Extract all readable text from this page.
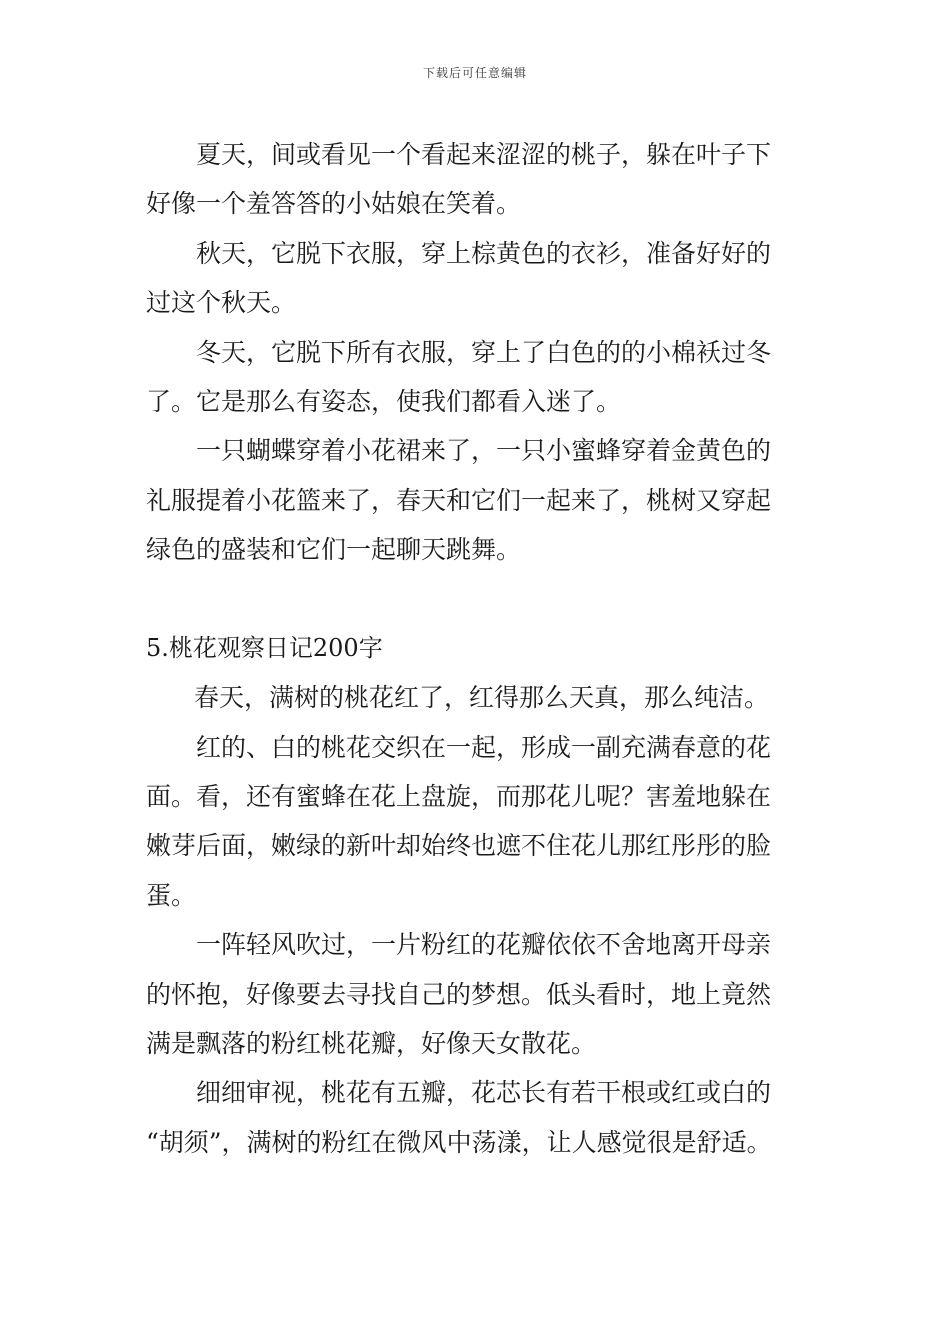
下载后可任意编辑
夏天，间或看见一个看起来涩涩的桃子，躲在叶子下
好像一个羞答答的小姑娘在笑着。
秋天，它脱下衣服，穿上棕黄色的衣衫，准备好好的
过这个秋天。
冬天，它脱下所有衣服，穿上了白色的的小棉袄过冬
了。它是那么有姿态，使我们都看入迷了。
一只蝴蝶穿着小花裙来了，一只小蜜蜂穿着金黄色的
礼服提着小花篮来了，春天和它们一起来了，桃树又穿起
绿色的盛装和它们一起聊天跳舞。
5.桃花观察日记200字
春天，满树的桃花红了，红得那么天真，那么纯洁。
红的、白的桃花交织在一起，形成一副充满春意的花
面。看，还有蜜蜂在花上盘旋，而那花儿呢？害羞地躲在
嫩芽后面，嫩绿的新叶却始终也遮不住花儿那红彤彤的脸
蛋。
一阵轻风吹过，一片粉红的花瓣依依不舍地离开母亲
的怀抱，好像要去寻找自己的梦想。低头看时，地上竟然
满是飘落的粉红桃花瓣，好像天女散花。
细细审视，桃花有五瓣，花芯长有若干根或红或白的
“胡须”，满树的粉红在微风中荡漾，让人感觉很是舒适。
